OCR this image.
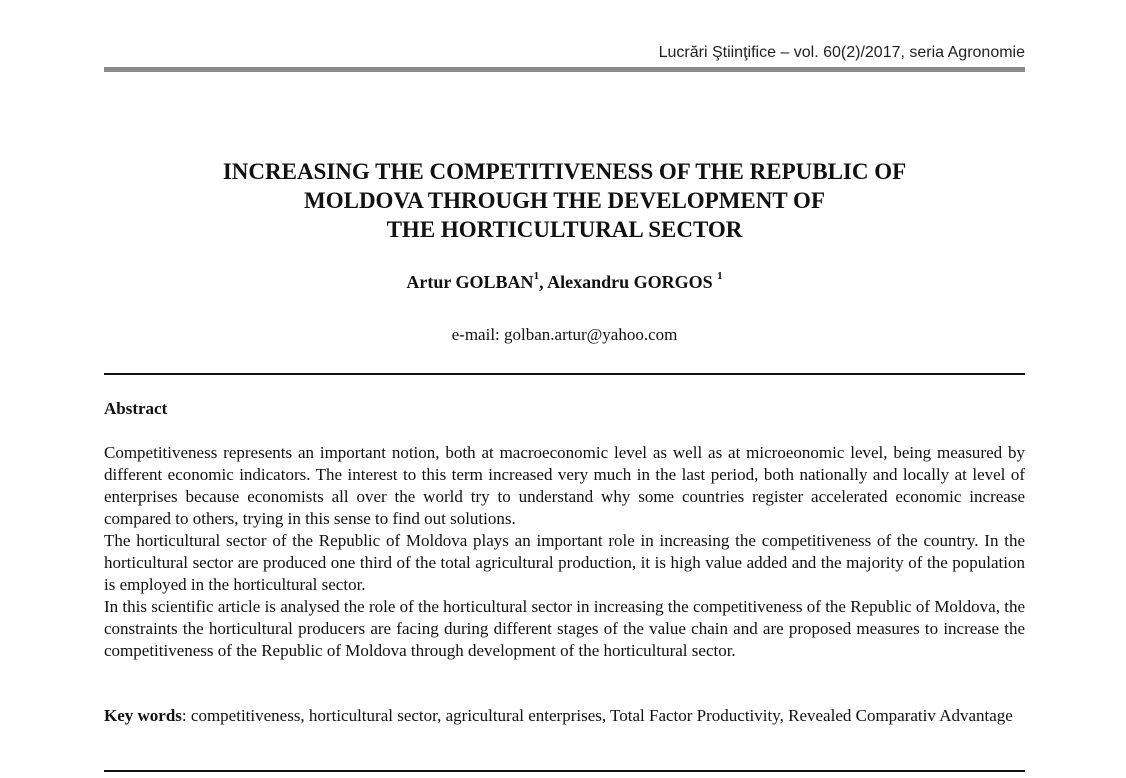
Lucrări Ştiinţifice – vol. 60(2)/2017, seria Agronomie
INCREASING THE COMPETITIVENESS OF THE REPUBLIC OF
MOLDOVA THROUGH THE DEVELOPMENT OF
THE HORTICULTURAL SECTOR
Artur GOLBAN$^1$, Alexandru GORGOS $^1$
e-mail: golban.artur@yahoo.com
Abstract

Competitiveness represents an important notion, both at macroeconomic level as well as at microeonomic level, being measured by different economic indicators. The interest to this term increased very much in the last period, both nationally and locally at level of enterprises because economists all over the world try to understand why some countries register accelerated economic increase compared to others, trying in this sense to find out solutions.

The horticultural sector of the Republic of Moldova plays an important role in increasing the competitiveness of the country. In the horticultural sector are produced one third of the total agricultural production, it is high value added and the majority of the population is employed in the horticultural sector.

In this scientific article is analysed the role of the horticultural sector in increasing the competitiveness of the Republic of Moldova, the constraints the horticultural producers are facing during different stages of the value chain and are proposed measures to increase the competitiveness of the Republic of Moldova through development of the horticultural sector.

Key words: competitiveness, horticultural sector, agricultural enterprises, Total Factor Productivity, Revealed Comparativ Advantage
